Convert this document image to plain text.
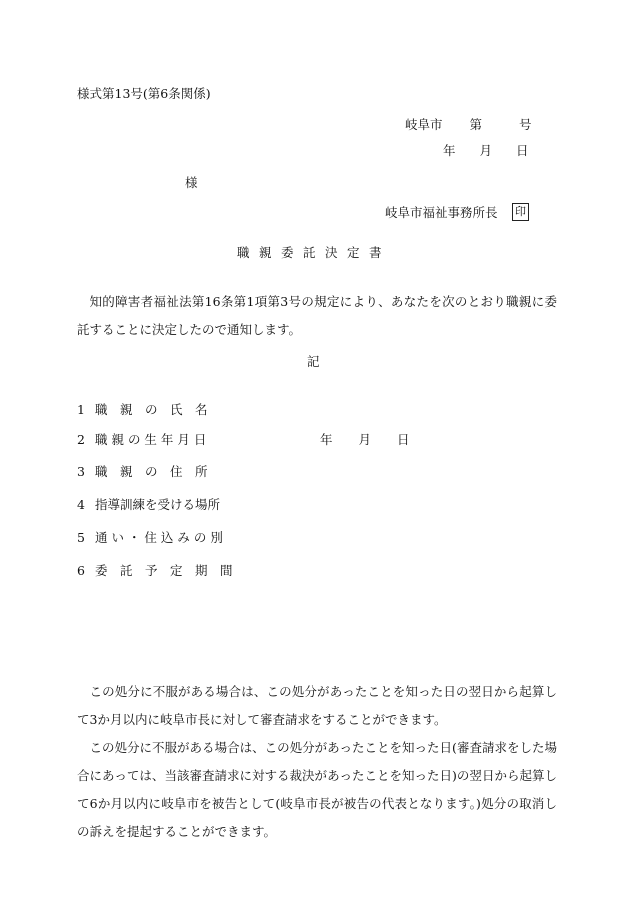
様式第13号(第6条関係)
岐阜市 第	号
年 月 日
様
岐阜市福祉事務所長 印
職親委託決定書
知的障害者福祉法第16条第1項第3号の規定により、あなたを次のとおり職親に委託することに決定したので通知します。
記
1 職　親　の　氏　名
2 職 親 の 生 年 月 日
3 職　親　の　住　所
4 指導訓練を受ける場所
5 通 い ・ 住 込 み の 別
6 委　託　予　定　期　間
年 月 日
この処分に不服がある場合は、この処分があったことを知った日の翌日から起算して3か月以内に岐阜市長に対して審査請求をすることができます。
この処分に不服がある場合は、この処分があったことを知った日(審査請求をした場合にあっては、当該審査請求に対する裁決があったことを知った日)の翌日から起算して6か月以内に岐阜市を被告として(岐阜市長が被告の代表となります。)処分の取消しの訴えを提起することができます。
